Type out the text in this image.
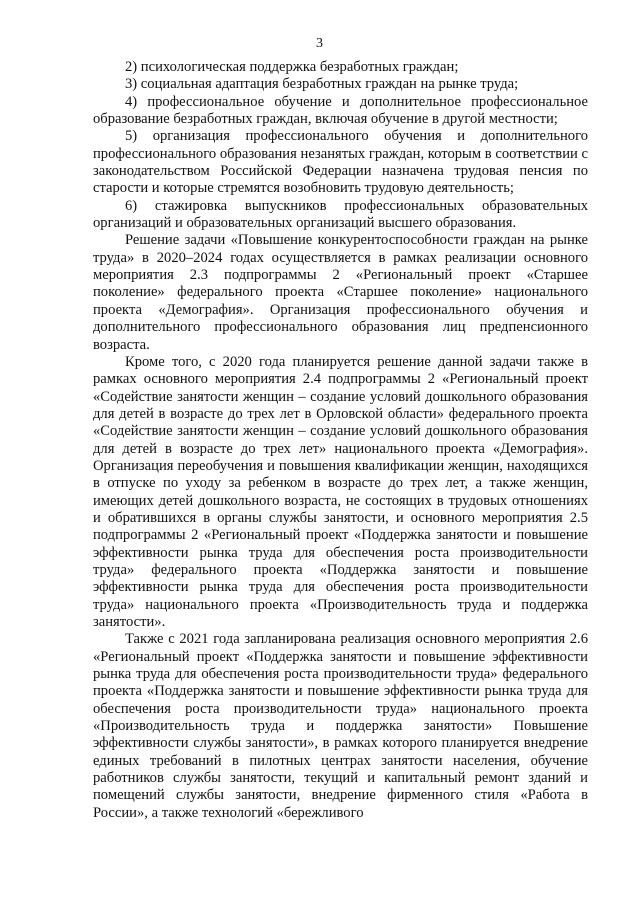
3

2) психологическая поддержка безработных граждан;

3) социальная адаптация безработных граждан на рынке труда;

4) профессиональное обучение и дополнительное профессиональное образование безработных граждан, включая обучение в другой местности;

5) организация профессионального обучения и дополнительного профессионального образования незанятых граждан, которым в соответствии с законодательством Российской Федерации назначена трудовая пенсия по старости и которые стремятся возобновить трудовую деятельность;

6) стажировка выпускников профессиональных образовательных организаций и образовательных организаций высшего образования.

Решение задачи «Повышение конкурентоспособности граждан на рынке труда» в 2020–2024 годах осуществляется в рамках реализации основного мероприятия 2.3 подпрограммы 2 «Региональный проект «Старшее поколение» федерального проекта «Старшее поколение» национального проекта «Демография». Организация профессионального обучения и дополнительного профессионального образования лиц предпенсионного возраста.

Кроме того, с 2020 года планируется решение данной задачи также в рамках основного мероприятия 2.4 подпрограммы 2 «Региональный проект «Содействие занятости женщин – создание условий дошкольного образования для детей в возрасте до трех лет в Орловской области» федерального проекта «Содействие занятости женщин – создание условий дошкольного образования для детей в возрасте до трех лет» национального проекта «Демография». Организация переобучения и повышения квалификации женщин, находящихся в отпуске по уходу за ребенком в возрасте до трех лет, а также женщин, имеющих детей дошкольного возраста, не состоящих в трудовых отношениях и обратившихся в органы службы занятости, и основного мероприятия 2.5 подпрограммы 2 «Региональный проект «Поддержка занятости и повышение эффективности рынка труда для обеспечения роста производительности труда» федерального проекта «Поддержка занятости и повышение эффективности рынка труда для обеспечения роста производительности труда» национального проекта «Производительность труда и поддержка занятости».

Также с 2021 года запланирована реализация основного мероприятия 2.6 «Региональный проект «Поддержка занятости и повышение эффективности рынка труда для обеспечения роста производительности труда» федерального проекта «Поддержка занятости и повышение эффективности рынка труда для обеспечения роста производительности труда» национального проекта «Производительность труда и поддержка занятости» Повышение эффективности службы занятости», в рамках которого планируется внедрение единых требований в пилотных центрах занятости населения, обучение работников службы занятости, текущий и капитальный ремонт зданий и помещений службы занятости, внедрение фирменного стиля «Работа в России», а также технологий «бережливого
